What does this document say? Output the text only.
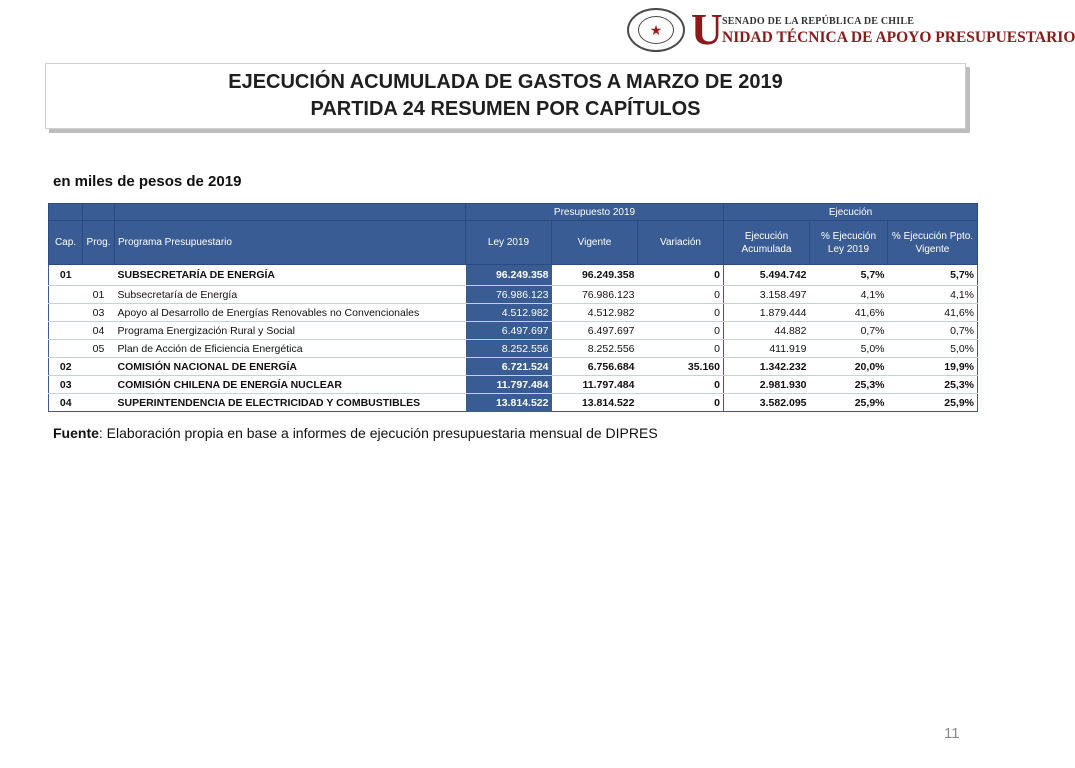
★ U SENADO DE LA REPÚBLICA DE CHILE
NIDAD TÉCNICA DE APOYO PRESUPUESTARIO
EJECUCIÓN ACUMULADA DE GASTOS A MARZO DE 2019
PARTIDA 24 RESUMEN POR CAPÍTULOS
en miles de pesos de 2019
			Presupuesto 2019			Ejecución		
Cap.	Prog.	Programa Presupuestario	Ley 2019	Vigente	Variación	Ejecución Acumulada	% Ejecución Ley 2019	% Ejecución Ppto. Vigente
01		SUBSECRETARÍA DE ENERGÍA	96.249.358	96.249.358	0	5.494.742	5,7%	5,7%
	01	Subsecretaría de Energía	76.986.123	76.986.123	0	3.158.497	4,1%	4,1%
	03	Apoyo al Desarrollo de Energías Renovables no Convencionales	4.512.982	4.512.982	0	1.879.444	41,6%	41,6%
	04	Programa Energización Rural y Social	6.497.697	6.497.697	0	44.882	0,7%	0,7%
	05	Plan de Acción de Eficiencia Energética	8.252.556	8.252.556	0	411.919	5,0%	5,0%
02		COMISIÓN NACIONAL DE ENERGÍA	6.721.524	6.756.684	35.160	1.342.232	20,0%	19,9%
03		COMISIÓN CHILENA DE ENERGÍA NUCLEAR	11.797.484	11.797.484	0	2.981.930	25,3%	25,3%
04		SUPERINTENDENCIA DE ELECTRICIDAD Y COMBUSTIBLES	13.814.522	13.814.522	0	3.582.095	25,9%	25,9%
Fuente: Elaboración propia en base a informes de ejecución presupuestaria mensual de DIPRES
11
